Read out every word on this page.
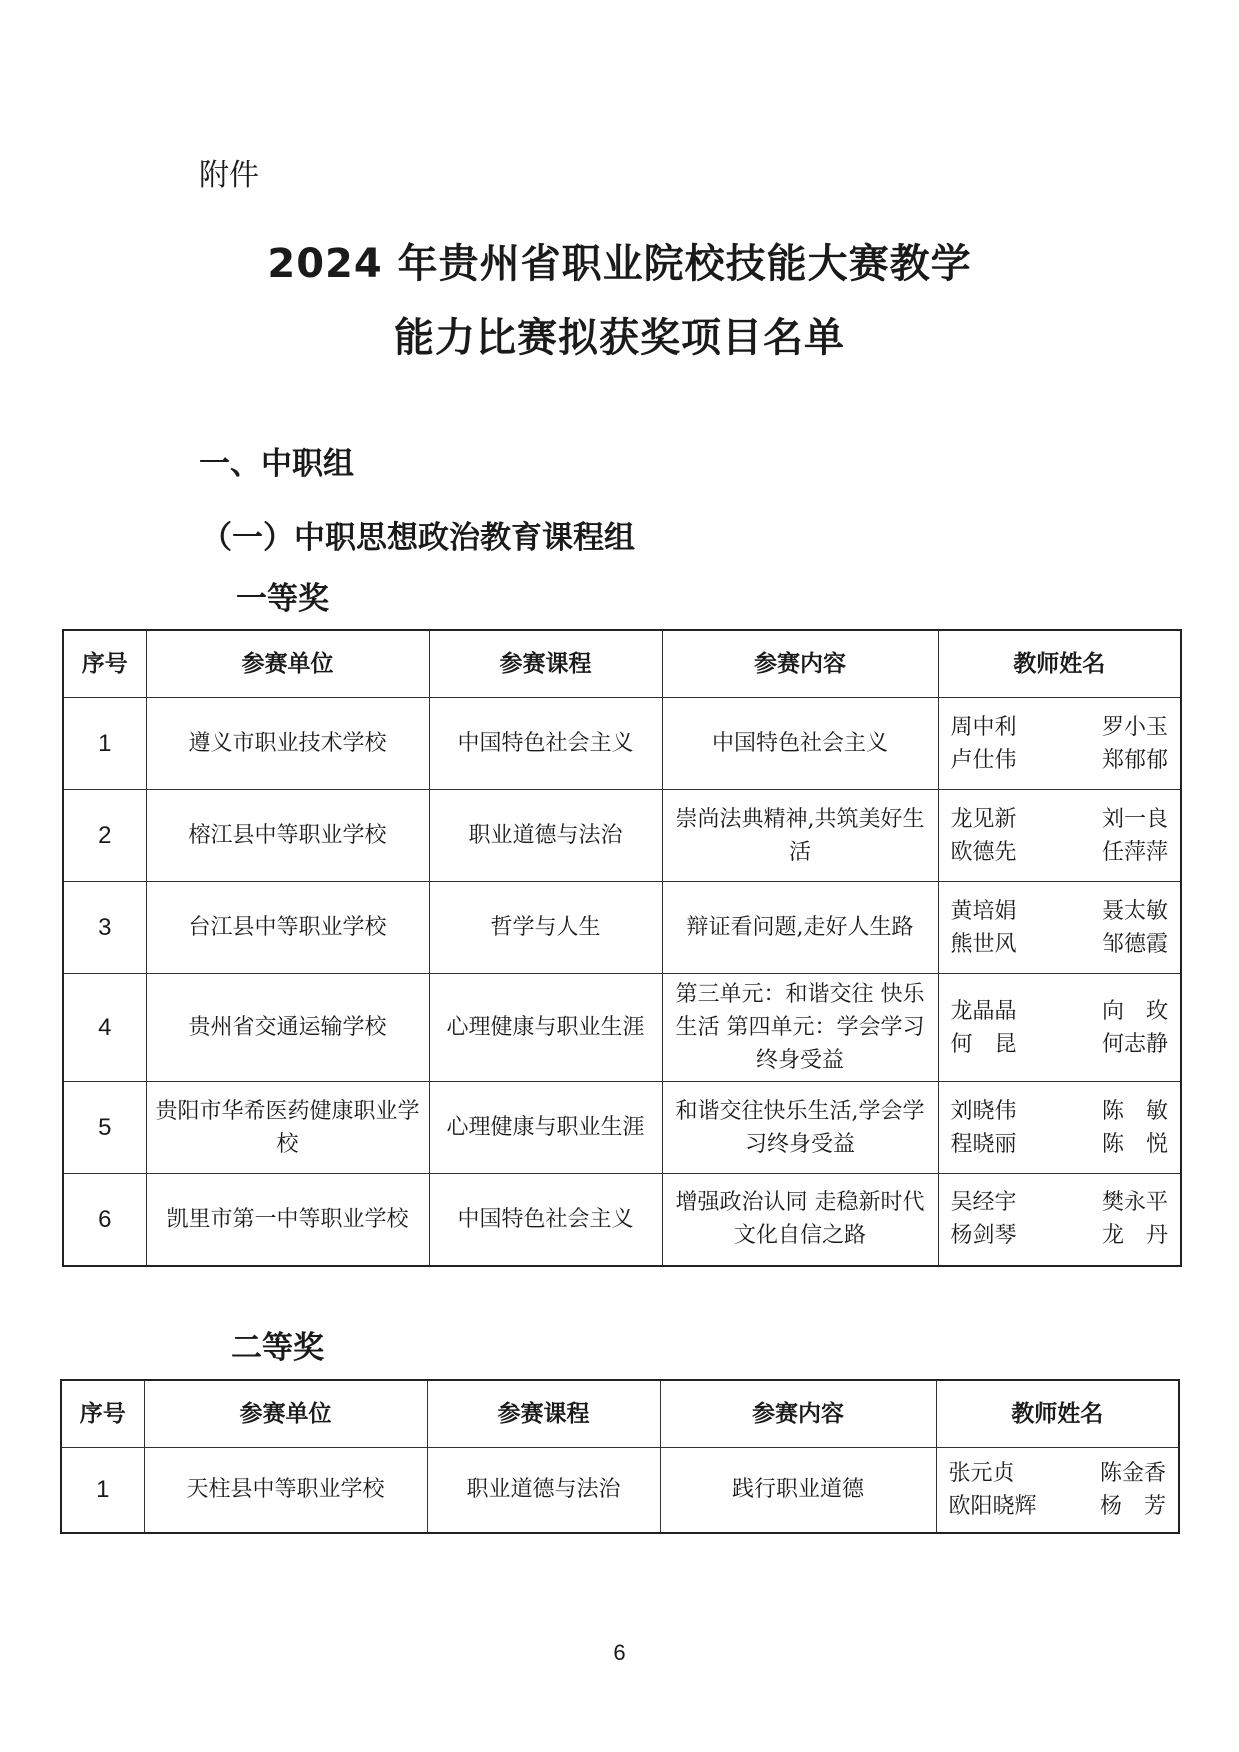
附件
2024 年贵州省职业院校技能大赛教学
能力比赛拟获奖项目名单
一、中职组
（一）中职思想政治教育课程组
一等奖
序号	参赛单位	参赛课程	参赛内容	教师姓名
1	遵义市职业技术学校	中国特色社会主义	中国特色社会主义	周中利 罗小玉
卢仕伟 郑郁郁

2	榕江县中等职业学校	职业道德与法治	崇尚法典精神,共筑美好生活	龙见新 刘一良
欧德先 任萍萍

3	台江县中等职业学校	哲学与人生	辩证看问题,走好人生路	黄培娟 聂太敏
熊世风 邹德霞

4	贵州省交通运输学校	心理健康与职业生涯	第三单元：和谐交往 快乐生活 第四单元：学会学习终身受益	龙晶晶 向　玫
何　昆 何志静

5	贵阳市华希医药健康职业学校	心理健康与职业生涯	和谐交往快乐生活,学会学习终身受益	刘晓伟 陈　敏
程晓丽 陈　悦

6	凯里市第一中等职业学校	中国特色社会主义	增强政治认同 走稳新时代文化自信之路	吴经宇 樊永平
杨剑琴 龙　丹
二等奖
序号	参赛单位	参赛课程	参赛内容	教师姓名
1	天柱县中等职业学校	职业道德与法治	践行职业道德	张元贞 陈金香
欧阳晓辉 杨　芳
6
